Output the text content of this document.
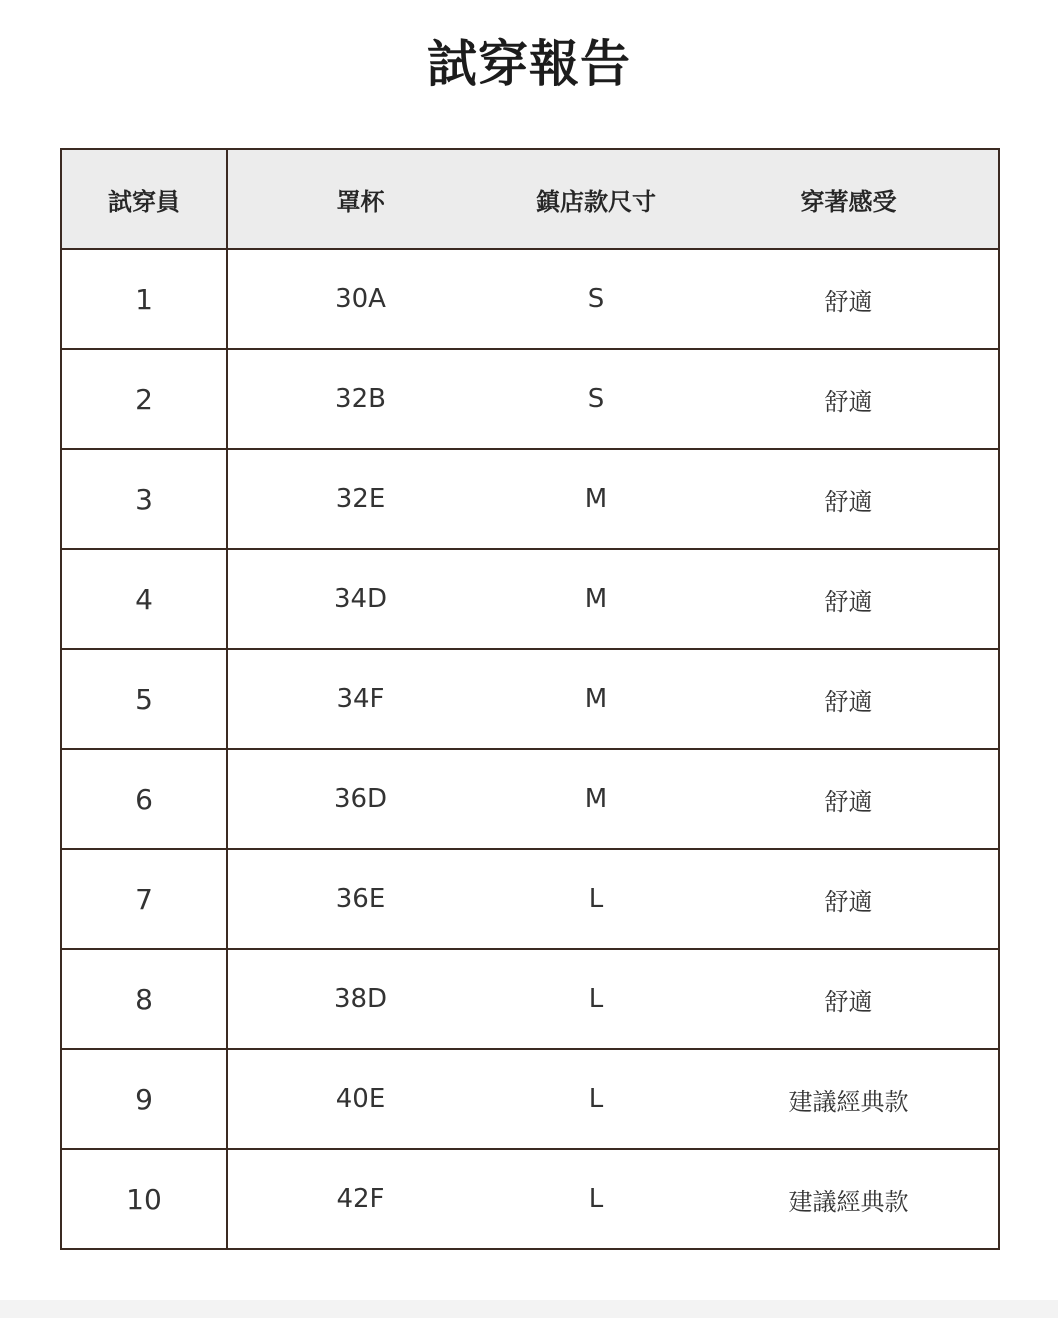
試穿報告
試穿員	罩杯	鎮店款尺寸	穿著感受
1	30A	S	舒適
2	32B	S	舒適
3	32E	M	舒適
4	34D	M	舒適
5	34F	M	舒適
6	36D	M	舒適
7	36E	L	舒適
8	38D	L	舒適
9	40E	L	建議經典款
10	42F	L	建議經典款
